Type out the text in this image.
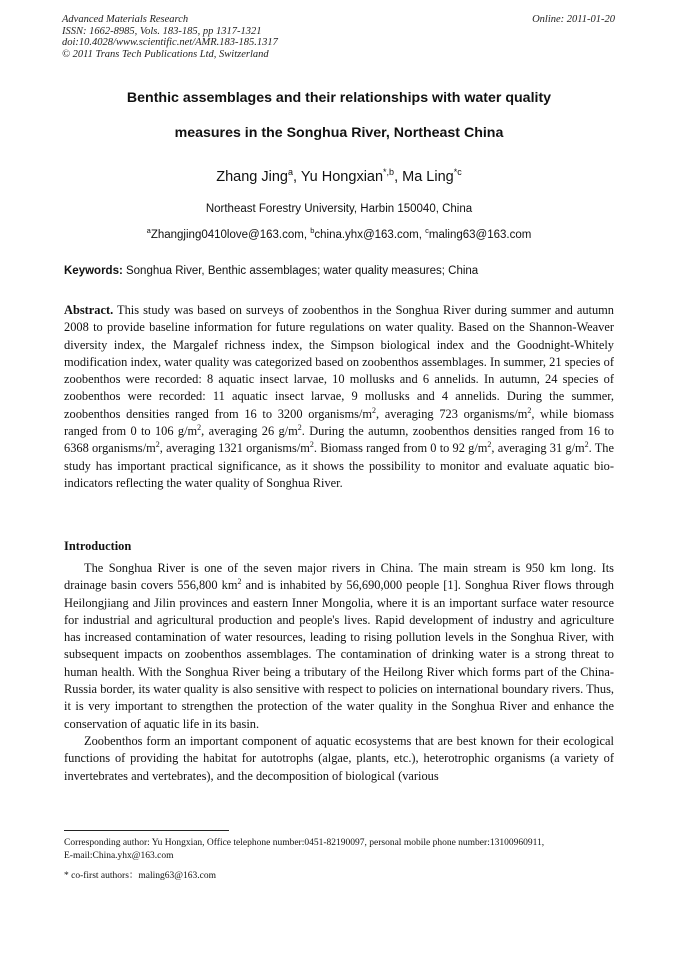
Advanced Materials Research
ISSN: 1662-8985, Vols. 183-185, pp 1317-1321
doi:10.4028/www.scientific.net/AMR.183-185.1317
© 2011 Trans Tech Publications Ltd, Switzerland
Online: 2011-01-20
Benthic assemblages and their relationships with water quality
measures in the Songhua River, Northeast China
Zhang Jing$^a$, Yu Hongxian$^{*,b}$, Ma Ling$^{*c}$
Northeast Forestry University, Harbin 150040, China
$^a$Zhangjing0410love@163.com, $^b$china.yhx@163.com, $^c$maling63@163.com
Keywords: Songhua River, Benthic assemblages; water quality measures; China
Abstract. This study was based on surveys of zoobenthos in the Songhua River during summer and autumn 2008 to provide baseline information for future regulations on water quality. Based on the Shannon-Weaver diversity index, the Margalef richness index, the Simpson biological index and the Goodnight-Whitely modification index, water quality was categorized based on zoobenthos assemblages. In summer, 21 species of zoobenthos were recorded: 8 aquatic insect larvae, 10 mollusks and 6 annelids. In autumn, 24 species of zoobenthos were recorded: 11 aquatic insect larvae, 9 mollusks and 4 annelids. During the summer, zoobenthos densities ranged from 16 to 3200 organisms/$m^2$, averaging 723 organisms/$m^2$, while biomass ranged from 0 to 106 $g/m^2$, averaging 26 $g/m^2$. During the autumn, zoobenthos densities ranged from 16 to 6368 organisms/$m^2$, averaging 1321 organisms/$m^2$. Biomass ranged from 0 to 92 $g/m^2$, averaging 31 $g/m^2$. The study has important practical significance, as it shows the possibility to monitor and evaluate aquatic bio-indicators reflecting the water quality of Songhua River.
Introduction

The Songhua River is one of the seven major rivers in China. The main stream is 950 km long. Its drainage basin covers 556,800 $km^2$ and is inhabited by 56,690,000 people [1]. Songhua River flows through Heilongjiang and Jilin provinces and eastern Inner Mongolia, where it is an important surface water resource for industrial and agricultural production and people's lives. Rapid development of industry and agriculture has increased contamination of water resources, leading to rising pollution levels in the Songhua River, with subsequent impacts on zoobenthos assemblages. The contamination of drinking water is a strong threat to human health. With the Songhua River being a tributary of the Heilong River which forms part of the China-Russia border, its water quality is also sensitive with respect to policies on international boundary rivers. Thus, it is very important to strengthen the protection of the water quality in the Songhua River and enhance the conservation of aquatic life in its basin.

Zoobenthos form an important component of aquatic ecosystems that are best known for their ecological functions of providing the habitat for autotrophs (algae, plants, etc.), heterotrophic organisms (a variety of invertebrates and vertebrates), and the decomposition of biological (various

Corresponding author: Yu Hongxian, Office telephone number:0451-82190097, personal mobile phone number:13100960911,
E-mail:China.yhx@163.com
* co-first authors：maling63@163.com
